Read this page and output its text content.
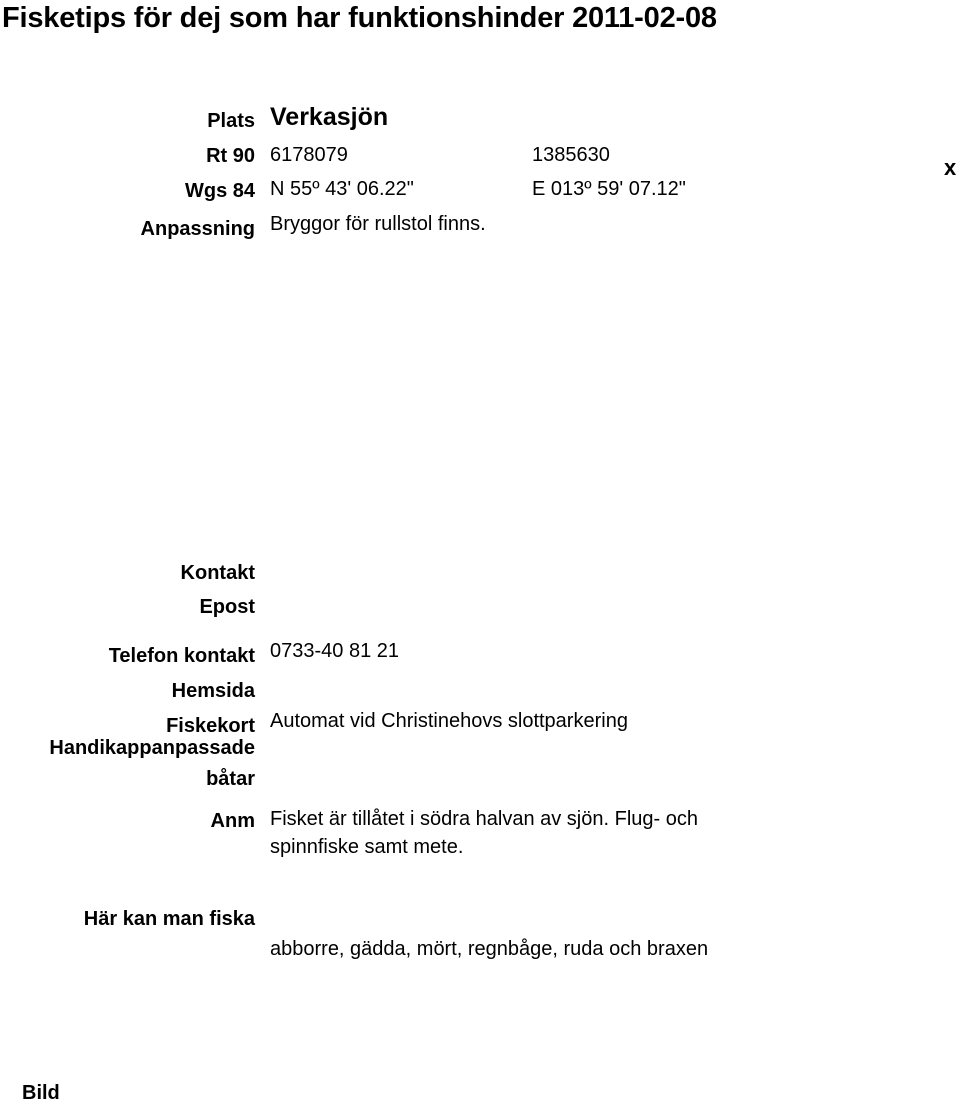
Fisketips för dej som har funktionshinder 2011-02-08
x
Plats Verkasjön
Rt 90 6178079	1385630
Wgs 84 N 55º 43' 06.22"	E 013º 59' 07.12"
Anpassning Bryggor för rullstol finns.
Kontakt
Epost
Telefon kontakt 0733-40 81 21
Hemsida
Fiskekort Automat vid Christinehovs slottparkering
Handikappanpassade
båtar
Anm Fisket är tillåtet i södra halvan av sjön. Flug- och spinnfiske samt mete.
Här kan man fiska
abborre, gädda, mört, regnbåge, ruda och braxen
Bild
